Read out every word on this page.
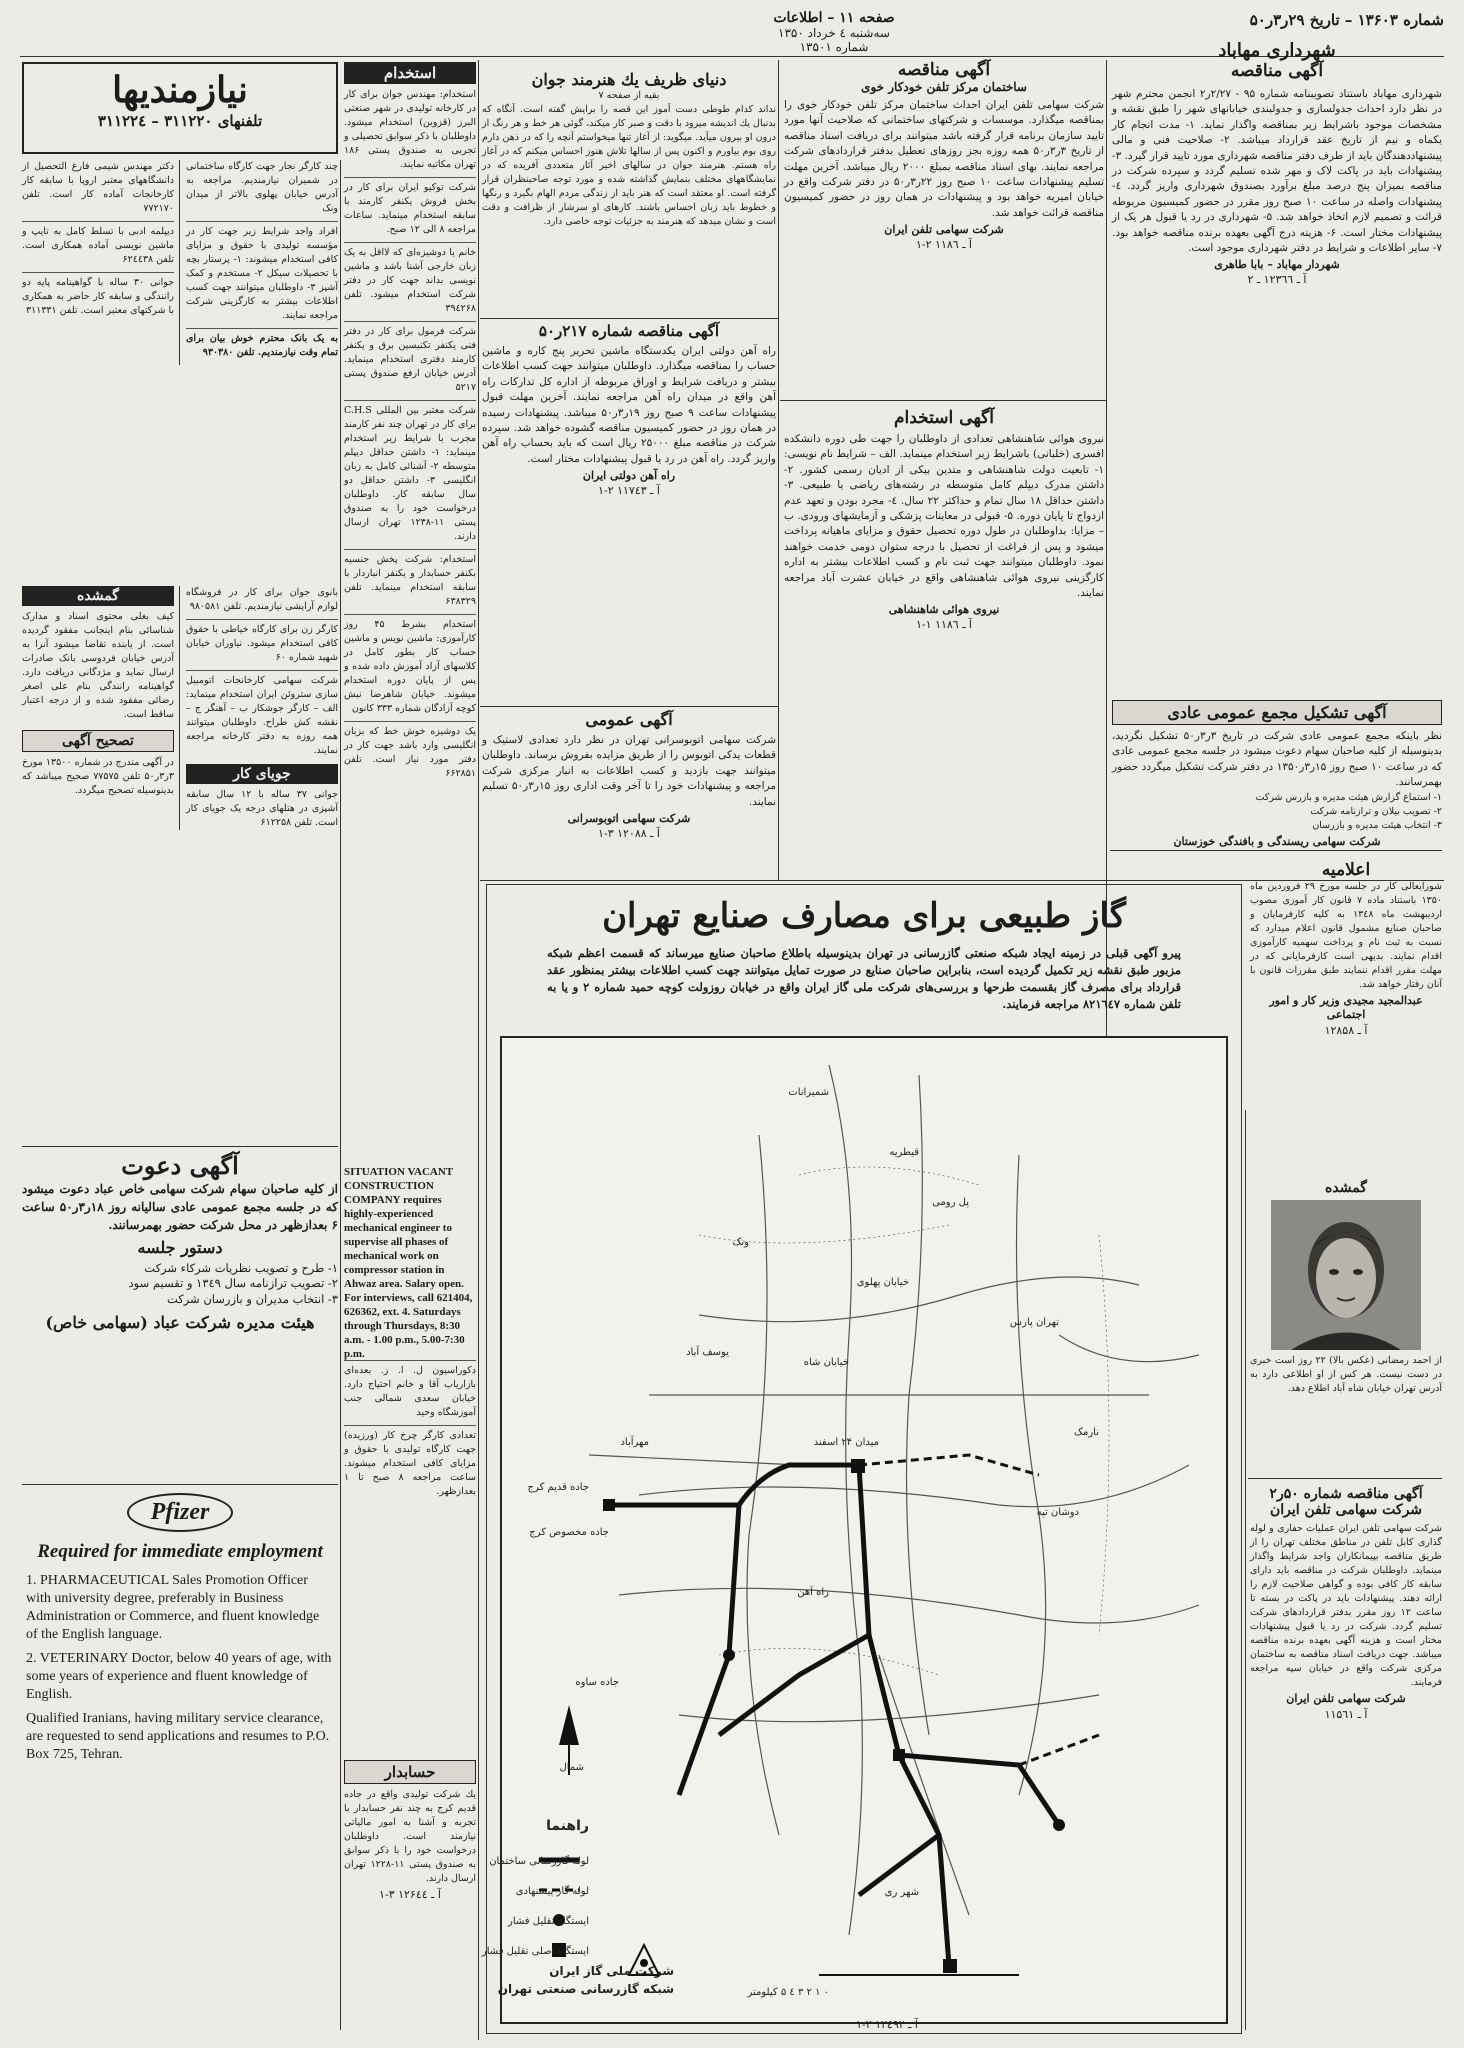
شماره ۱۳۶۰۳ – تاریخ ۲۹ر۳ر۵۰
صفحه ۱۱ – اطلاعات
سه‌شنبه ٤ خرداد ۱۳۵۰
شماره ۱۳۵۰۱
نیازمندیها
تلفنهای ۳۱۱۲۲۰ – ۳۱۱۲۲٤
شهرداری مهاباد
آگهی مناقصه
شهرداری مهاباد باستناد تصویبنامه شماره ۹۵ - ۲/۲۷ر۲ انجمن محترم شهر در نظر دارد احداث جدولسازی و جدولبندی خیابانهای شهر را طبق نقشه و مشخصات موجود باشرایط زیر بمناقصه واگذار نماید. ۱- مدت انجام کار یکماه و نیم از تاریخ عقد قرارداد میباشد. ۲- صلاحیت فنی و مالی پیشنهاددهندگان باید از طرف دفتر مناقصه شهرداری مورد تایید قرار گیرد. ۳- پیشنهادات باید در پاکت لاک و مهر شده تسلیم گردد و سپرده شرکت در مناقصه بمیزان پنج درصد مبلغ برآورد بصندوق شهرداری واریز گردد. ٤- پیشنهادات واصله در ساعت ۱۰ صبح روز مقرر در حضور کمیسیون مربوطه قرائت و تصمیم لازم اتخاذ خواهد شد. ۵- شهرداری در رد یا قبول هر یک از پیشنهادات مختار است. ۶- هزینه درج آگهی بعهده برنده مناقصه خواهد بود. ۷- سایر اطلاعات و شرایط در دفتر شهرداری موجود است.
شهردار مهاباد – بابا طاهری
آ ـ ۱۲۳٦٦ ـ ۲
آگهی تشکیل مجمع عمومی عادی
نظر باینکه مجمع عمومی عادی شرکت در تاریخ ۳ر۳ر۵۰ تشکیل نگردید، بدینوسیله از کلیه صاحبان سهام دعوت میشود در جلسه مجمع عمومی عادی که در ساعت ۱۰ صبح روز ۱۵ر۳ر۱۳۵۰ در دفتر شرکت تشکیل میگردد حضور بهمرسانند.
۱- استماع گزارش هیئت مدیره و بازرس شرکت
۲- تصویب بیلان و ترازنامه شرکت
۳- انتخاب هیئت مدیره و بازرسان
شرکت سهامی ریسندگی و بافندگی خوزستان
اعلامیه
شورایعالی کار در جلسه مورخ ۲۹ فروردین ماه ۱۳۵۰ باستناد ماده ۷ قانون کار آموزی مصوب اردیبهشت ماه ۱۳٤۸ به کلیه کارفرمایان و صاحبان صنایع مشمول قانون اعلام میدارد که نسبت به ثبت نام و پرداخت سهمیه کارآموزی اقدام نمایند. بدیهی است کارفرمایانی که در مهلت مقرر اقدام ننمایند طبق مقررات قانون با آنان رفتار خواهد شد.
عبدالمجید مجیدی وزیر کار و امور اجتماعی
آ ـ ۱۲۸۵۸
گمشده
از احمد رمضانی (عکس بالا) ۲۲ روز است خبری در دست نیست. هر کس از او اطلاعی دارد به آدرس تهران خیابان شاه آباد اطلاع دهد.
آگهی مناقصه شماره ۵۰ر۲ شرکت سهامی تلفن ایران
شرکت سهامی تلفن ایران عملیات حفاری و لوله گذاری کابل تلفن در مناطق مختلف تهران را از طریق مناقصه بپیمانکاران واجد شرایط واگذار مینماید. داوطلبان شرکت در مناقصه باید دارای سابقه کار کافی بوده و گواهی صلاحیت لازم را ارائه دهند. پیشنهادات باید در پاکت در بسته تا ساعت ۱۲ روز مقرر بدفتر قراردادهای شرکت تسلیم گردد. شرکت در رد یا قبول پیشنهادات مختار است و هزینه آگهی بعهده برنده مناقصه میباشد. جهت دریافت اسناد مناقصه به ساختمان مرکزی شرکت واقع در خیابان سپه مراجعه فرمایند.
شرکت سهامی تلفن ایران
آ ـ ۱۱۵٦۱
آگهی مناقصه
ساختمان مرکز تلفن خودکار خوی
شرکت سهامی تلفن ایران احداث ساختمان مرکز تلفن خودکار خوی را بمناقصه میگذارد. موسسات و شرکتهای ساختمانی که صلاحیت آنها مورد تایید سازمان برنامه قرار گرفته باشد میتوانند برای دریافت اسناد مناقصه از تاریخ ۳ر۳ر۵۰ همه روزه بجز روزهای تعطیل بدفتر قراردادهای شرکت مراجعه نمایند. بهای اسناد مناقصه بمبلغ ۲۰۰۰ ریال میباشد. آخرین مهلت تسلیم پیشنهادات ساعت ۱۰ صبح روز ۲۲ر۳ر۵۰ در دفتر شرکت واقع در خیابان امیریه خواهد بود و پیشنهادات در همان روز در حضور کمیسیون مناقصه قرائت خواهد شد.
شرکت سهامی تلفن ایران
آ ـ ۱۱۸٦ ۲-۱
آگهی استخدام
نیروی هوائی شاهنشاهی تعدادی از داوطلبان را جهت طی دوره دانشکده افسری (خلبانی) باشرایط زیر استخدام مینماید. الف – شرایط نام نویسی: ۱- تابعیت دولت شاهنشاهی و متدین بیکی از ادیان رسمی کشور. ۲- داشتن مدرک دیپلم کامل متوسطه در رشته‌های ریاضی یا طبیعی. ۳- داشتن حداقل ۱۸ سال تمام و حداکثر ۲۲ سال. ٤- مجرد بودن و تعهد عدم ازدواج تا پایان دوره. ۵- قبولی در معاینات پزشکی و آزمایشهای ورودی. ب – مزایا: بداوطلبان در طول دوره تحصیل حقوق و مزایای ماهیانه پرداخت میشود و پس از فراغت از تحصیل با درجه ستوان دومی خدمت خواهند نمود. داوطلبان میتوانند جهت ثبت نام و کسب اطلاعات بیشتر به اداره کارگزینی نیروی هوائی شاهنشاهی واقع در خیابان عشرت آباد مراجعه نمایند.
نیروی هوائی شاهنشاهی
آ ـ ۱۱۸٦ ۱-۱
دنیای ظریف یك هنرمند جوان
بقیه از صفحه ۷
نداند کدام طوطی دست آموز این قصه را برایش گفته است. آنگاه که بدنبال یك اندیشه میرود با دقت و صبر کار میکند، گوئی هر خط و هر رنگ از درون او بیرون میآید. میگوید: از آغاز تنها میخواستم آنچه را که در ذهن دارم روی بوم بیاورم و اکنون پس از سالها تلاش هنوز احساس میکنم که در آغاز راه هستم. هنرمند جوان در سالهای اخیر آثار متعددی آفریده که در نمایشگاههای مختلف بنمایش گذاشته شده و مورد توجه صاحبنظران قرار گرفته است. او معتقد است که هنر باید از زندگی مردم الهام بگیرد و رنگها و خطوط باید زبان احساس باشند. کارهای او سرشار از ظرافت و دقت است و نشان میدهد که هنرمند به جزئیات توجه خاصی دارد.
آگهی مناقصه شماره ۲۱۷ر۵۰
راه آهن دولتی ایران یکدستگاه ماشین تحریر پنج کاره و ماشین حساب را بمناقصه میگذارد. داوطلبان میتوانند جهت کسب اطلاعات بیشتر و دریافت شرایط و اوراق مربوطه از اداره کل تدارکات راه آهن واقع در میدان راه آهن مراجعه نمایند. آخرین مهلت قبول پیشنهادات ساعت ۹ صبح روز ۱۹ر۳ر۵۰ میباشد. پیشنهادات رسیده در همان روز در حضور کمیسیون مناقصه گشوده خواهد شد. سپرده شرکت در مناقصه مبلغ ۲۵۰۰۰ ریال است که باید بحساب راه آهن واریز گردد. راه آهن در رد یا قبول پیشنهادات مختار است.
راه آهن دولتی ایران
آ ـ ۱۱۷٤۳ ۲-۱
آگهی عمومی
شرکت سهامی اتوبوسرانی تهران در نظر دارد تعدادی لاستیک و قطعات یدکی اتوبوس را از طریق مزایده بفروش برساند. داوطلبان میتوانند جهت بازدید و کسب اطلاعات به انبار مرکزی شرکت مراجعه و پیشنهادات خود را تا آخر وقت اداری روز ۱۵ر۳ر۵۰ تسلیم نمایند.
شرکت سهامی اتوبوسرانی
آ ـ ۱۲۰۸۸ ۳-۱
گاز طبیعی برای مصارف صنایع تهران
پیرو آگهی قبلی در زمینه ایجاد شبکه صنعتی گازرسانی در تهران بدینوسیله باطلاع صاحبان صنایع میرساند که قسمت اعظم شبکه مزبور طبق نقشه زیر تکمیل گردیده است، بنابراین صاحبان صنایع در صورت تمایل میتوانند جهت کسب اطلاعات بیشتر بمنظور عقد قرارداد برای مصرف گاز بقسمت طرحها و بررسی‌های شرکت ملی گاز ایران واقع در خیابان روزولت کوچه حمید شماره ۲ و یا به تلفن شماره ۸۲۱٦٤۷ مراجعه فرمایند.
شمیرانات
ونک
یوسف آباد
تهران پارس
جاده قدیم کرج
جاده مخصوص کرج
مهرآباد
شهر ری
راه آهن
خیابان شاه
میدان ۲۴ اسفند
جاده ساوه
نارمک
دوشان تپه
قیطریه
پل رومی
خیابان پهلوی
شمال
راهنما
لوله گازرسانی ساختمان
لوله گاز پیشنهادی
ایستگاه تقلیل فشار
ایستگاه اصلی تقلیل فشار
۰ ۱ ۲ ۳ ٤ ۵ کیلومتر
شرکت ملی گاز ایران
شبکه گازرسانی صنعتی تهران
آ ـ ۱۲٤۹۲ ۲-۱
استخدام
استخدام: مهندس جوان برای کار در کارخانه تولیدی در شهر صنعتی البرز (قزوین) استخدام میشود. داوطلبان با ذکر سوابق تحصیلی و تجربی به صندوق پستی ۱۸۶ تهران مکاتبه نمایند.
شرکت توکیو ایران برای کار در بخش فروش یکنفر کارمند با سابقه استخدام مینماید. ساعات مراجعه ۸ الی ۱۲ صبح.
خانم یا دوشیزه‌ای که لااقل به یک زبان خارجی آشنا باشد و ماشین نویسی بداند جهت کار در دفتر شرکت استخدام میشود. تلفن ۳۹٤۲۶۸
شرکت فرمول برای کار در دفتر فنی یکنفر تکنیسین برق و یکنفر کارمند دفتری استخدام مینماید. آدرس خیابان ارفع صندوق پستی ۵۲۱۷
شرکت معتبر بین المللی C.H.S برای کار در تهران چند نفر کارمند مجرب با شرایط زیر استخدام مینماید: ۱- داشتن حداقل دیپلم متوسطه ۲- آشنائی کامل به زبان انگلیسی ۳- داشتن حداقل دو سال سابقه کار. داوطلبان درخواست خود را به صندوق پستی ۱۱-۱۲۳۸ تهران ارسال دارند.
استخدام: شرکت پخش جنسیه بکنفر حسابدار و یکنفر انباردار با سابقه استخدام مینماید. تلفن ۶۳۸۳۲۹
استخدام بشرط ۴۵ روز کارآموزی: ماشین نویس و ماشین حساب کار بطور کامل در کلاسهای آزاد آموزش داده شده و پس از پایان دوره استخدام میشوند. خیابان شاهرضا نبش کوچه آزادگان شماره ۳۳۳ کانون
یک دوشیزه خوش خط که بزبان انگلیسی وارد باشد جهت کار در دفتر مورد نیاز است. تلفن ۶۶۲۸۵۱
SITUATION VACANT CONSTRUCTION COMPANY requires highly-experienced mechanical engineer to supervise all phases of mechanical work on compressor station in Ahwaz area. Salary open. For interviews, call 621404, 626362, ext. 4. Saturdays through Thursdays, 8:30 a.m. - 1.00 p.m., 5.00-7:30 p.m.
دکوراسیون ل. ا. ز. بعده‌ای بازاریاب آقا و خانم احتیاج دارد. خیابان سعدی شمالی جنب آموزشگاه وحید
تعدادی کارگر چرخ کار (ورزیده) جهت کارگاه تولیدی با حقوق و مزایای کافی استخدام میشوند. ساعت مراجعه ۸ صبح تا ۱ بعدازظهر.
حسابدار
یك شرکت تولیدی واقع در جاده قدیم کرج به چند نفر حسابدار با تجربه و آشنا به امور مالیاتی نیازمند است. داوطلبان درخواست خود را با ذکر سوابق به صندوق پستی ۱۱-۱۲۲۸ تهران ارسال دارند.
آ ـ ۱۲۶٤٤ ۳-۱
چند کارگر نجار جهت کارگاه ساختمانی در شمیران نیازمندیم. مراجعه به آدرس خیابان پهلوی بالاتر از میدان ونک
افراد واجد شرایط زیر جهت کار در مؤسسه تولیدی با حقوق و مزایای کافی استخدام میشوند: ۱- پرستار بچه با تحصیلات سیکل ۲- مستخدم و کمک آشپز ۳- داوطلبان میتوانند جهت کسب اطلاعات بیشتر به کارگزینی شرکت مراجعه نمایند.
به یک بانک محترم خوش بیان برای تمام وقت نیازمندیم. تلفن ۹۳۰۳۸۰
دکتر مهندس شیمی فارغ التحصیل از دانشگاههای معتبر اروپا با سابقه کار کارخانجات آماده کار است. تلفن ۷۷۲۱۷۰
دیپلمه ادبی با تسلط کامل به تایپ و ماشین نویسی آماده همکاری است. تلفن ۶۲٤٤۳۸
جوانی ۳۰ ساله با گواهینامه پایه دو رانندگی و سابقه کار حاضر به همکاری با شرکتهای معتبر است. تلفن ۳۱۱۳۳۱
بانوی جوان برای کار در فروشگاه لوازم آرایشی نیازمندیم. تلفن ۹۸۰۵۸۱
کارگر زن برای کارگاه خیاطی با حقوق کافی استخدام میشود. نیاوران خیابان شهید شماره ۶۰
شرکت سهامی کارخانجات اتومبیل سازی ستروئن ایران استخدام مینماید: الف – کارگر جوشکار ب – آهنگر ج – نقشه کش طراح. داوطلبان میتوانند همه روزه به دفتر کارخانه مراجعه نمایند.
جویای کار
جوانی ۳۷ ساله با ۱۲ سال سابقه آشپزی در هتلهای درجه یک جویای کار است. تلفن ۶۱۲۲۵۸
گمشده
کیف بغلی محتوی اسناد و مدارک شناسائی بنام اینجانب مفقود گردیده است. از یابنده تقاضا میشود آنرا به آدرس خیابان فردوسی بانک صادرات ارسال نماید و مژدگانی دریافت دارد. گواهینامه رانندگی بنام علی اصغر رضائی مفقود شده و از درجه اعتبار ساقط است.
تصحیح آگهی
در آگهی مندرج در شماره ۱۳۵۰۰ مورخ ۳ر۳ر۵۰ تلفن ۷۷۵۷۵ صحیح میباشد که بدینوسیله تصحیح میگردد.
آگهی دعوت
از کلیه صاحبان سهام شرکت سهامی خاص عباد دعوت میشود که در جلسه مجمع عمومی عادی سالیانه روز ۱۸ر۳ر۵۰ ساعت ۶ بعدازظهر در محل شرکت حضور بهمرسانند.
دستور جلسه
۱- طرح و تصویب نظریات شرکاء شرکت
۲- تصویب ترازنامه سال ۱۳٤۹ و تقسیم سود
۳- انتخاب مدیران و بازرسان شرکت
هیئت مدیره شرکت عباد (سهامی خاص)
Pfizer
Required for immediate employment
1. PHARMACEUTICAL Sales Promotion Officer with university degree, preferably in Business Administration or Commerce, and fluent knowledge of the English language.
2. VETERINARY Doctor, below 40 years of age, with some years of experience and fluent knowledge of English.
Qualified Iranians, having military service clearance, are requested to send applications and resumes to P.O. Box 725, Tehran.
